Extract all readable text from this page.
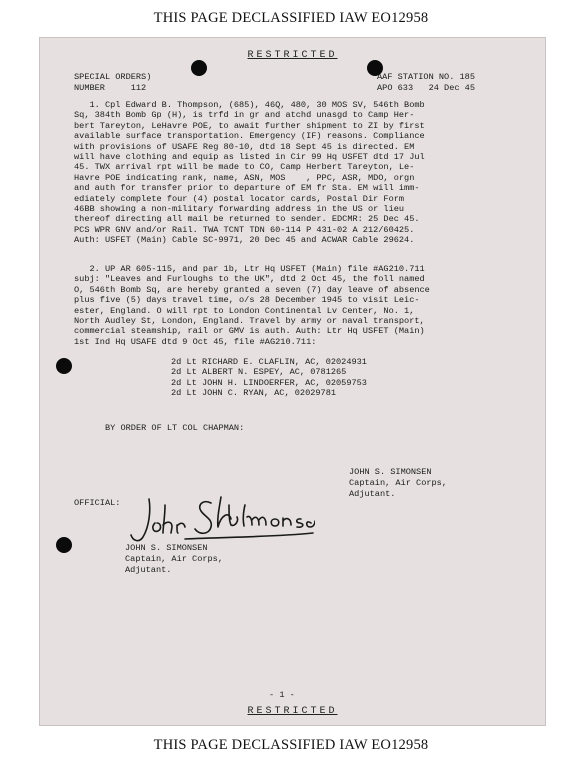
THIS PAGE DECLASSIFIED IAW EO12958
RESTRICTED
SPECIAL ORDERS)
NUMBER     112
AAF STATION NO. 185
APO 633   24 Dec 45
1. Cpl Edward B. Thompson, (685), 46Q, 480, 30 MOS SV, 546th Bomb
Sq, 384th Bomb Gp (H), is trfd in gr and atchd unasgd to Camp Her-
bert Tareyton, LeHavre POE, to await further shipment to ZI by first
available surface transportation. Emergency (IF) reasons. Compliance
with provisions of USAFE Reg 80-10, dtd 18 Sept 45 is directed. EM
will have clothing and equip as listed in Cir 99 Hq USFET dtd 17 Jul
45. TWX arrival rpt will be made to CO, Camp Herbert Tareyton, Le-
Havre POE indicating rank, name, ASN, MOS    , PPC, ASR, MDO, orgn
and auth for transfer prior to departure of EM fr Sta. EM will imm-
ediately complete four (4) postal locator cards, Postal Dir Form
46BB showing a non-military forwarding address in the US or lieu
thereof directing all mail be returned to sender. EDCMR: 25 Dec 45.
PCS WPR GNV and/or Rail. TWA TCNT TDN 60-114 P 431-02 A 212/60425.
Auth: USFET (Main) Cable SC-9971, 20 Dec 45 and ACWAR Cable 29624.
2. UP AR 605-115, and par 1b, Ltr Hq USFET (Main) file #AG210.711
subj: "Leaves and Furloughs to the UK", dtd 2 Oct 45, the foll named
O, 546th Bomb Sq, are hereby granted a seven (7) day leave of absence
plus five (5) days travel time, o/s 28 December 1945 to visit Leic-
ester, England. O will rpt to London Continental Lv Center, No. 1,
North Audley St, London, England. Travel by army or naval transport,
commercial steamship, rail or GMV is auth. Auth: Ltr Hq USFET (Main)
1st Ind Hq USAFE dtd 9 Oct 45, file #AG210.711:
2d Lt RICHARD E. CLAFLIN, AC, 02024931
2d Lt ALBERT N. ESPEY, AC, 0781265
2d Lt JOHN H. LINDOERFER, AC, 02059753
2d Lt JOHN C. RYAN, AC, 02029781
BY ORDER OF LT COL CHAPMAN:
JOHN S. SIMONSEN
Captain, Air Corps,
Adjutant.
OFFICIAL:
JOHN S. SIMONSEN
Captain, Air Corps,
Adjutant.
- 1 -
RESTRICTED
THIS PAGE DECLASSIFIED IAW EO12958
